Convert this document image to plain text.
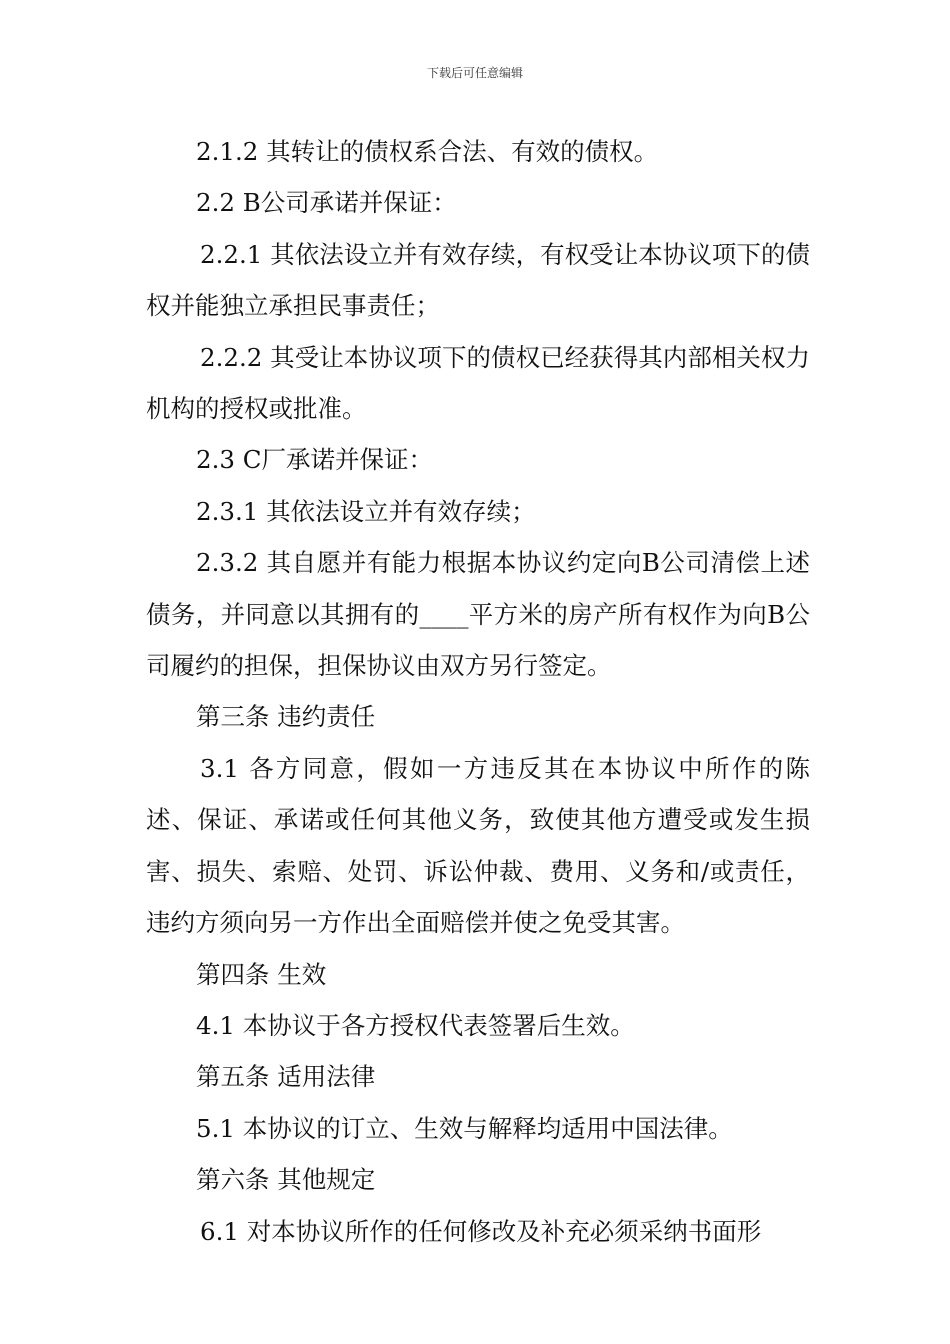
下载后可任意编辑

2.1.2 其转让的债权系合法、有效的债权。

2.2 B公司承诺并保证：

2.2.1 其依法设立并有效存续，有权受让本协议项下的债权并能独立承担民事责任；

2.2.2 其受让本协议项下的债权已经获得其内部相关权力机构的授权或批准。

2.3 C厂承诺并保证：

2.3.1 其依法设立并有效存续；

2.3.2 其自愿并有能力根据本协议约定向B公司清偿上述债务，并同意以其拥有的____平方米的房产所有权作为向B公司履约的担保，担保协议由双方另行签定。

第三条 违约责任

3.1 各方同意，假如一方违反其在本协议中所作的陈述、保证、承诺或任何其他义务，致使其他方遭受或发生损害、损失、索赔、处罚、诉讼仲裁、费用、义务和/或责任，违约方须向另一方作出全面赔偿并使之免受其害。

第四条 生效

4.1 本协议于各方授权代表签署后生效。

第五条 适用法律

5.1 本协议的订立、生效与解释均适用中国法律。

第六条 其他规定

6.1 对本协议所作的任何修改及补充必须采纳书面形
